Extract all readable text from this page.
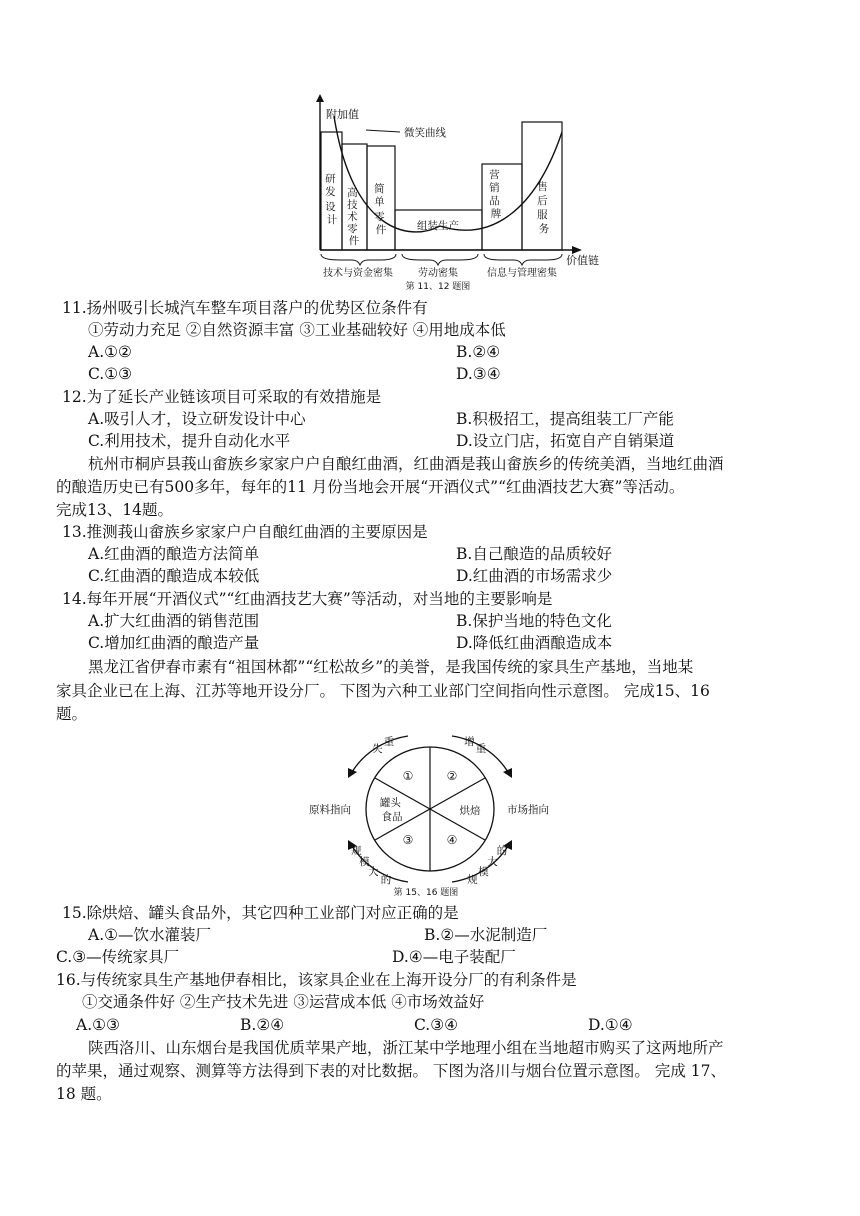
附加值
价值链
微笑曲线
研 发 设 计
高 技 术 零 件
简 单 零 件	组装生产
营 销 品 牌
售 后 服 务
技术与资金密集	劳动密集	信息与管理密集
第 11、12 题图
11.扬州吸引长城汽车整车项目落户的优势区位条件有
①劳动力充足 ②自然资源丰富 ③工业基础较好 ④用地成本低
A.①②	B.②④
C.①③	D.③④
12.为了延长产业链该项目可采取的有效措施是
A.吸引人才，设立研发设计中心	B.积极招工，提高组装工厂产能
C.利用技术，提升自动化水平	D.设立门店，拓宽自产自销渠道
杭州市桐庐县莪山畲族乡家家户户自酿红曲酒，红曲酒是莪山畲族乡的传统美酒，当地红曲酒
的酿造历史已有500多年，每年的11 月份当地会开展“开酒仪式”“红曲酒技艺大赛”等活动。
完成13、14题。
13.推测莪山畲族乡家家户户自酿红曲酒的主要原因是
A.红曲酒的酿造方法简单	B.自己酿造的品质较好
C.红曲酒的酿造成本较低	D.红曲酒的市场需求少
14.每年开展“开酒仪式”“红曲酒技艺大赛”等活动，对当地的主要影响是
A.扩大红曲酒的销售范围	B.保护当地的特色文化
C.增加红曲酒的酿造产量	D.降低红曲酒酿造成本
黑龙江省伊春市素有“祖国林都”“红松故乡”的美誉，是我国传统的家具生产基地，当地某
家具企业已在上海、江苏等地开设分厂。 下图为六种工业部门空间指向性示意图。 完成15、16
题。
①	②
③	④
罐头 食品	烘焙
原料指向	市场指向
失 重	增 重
规 模 大 的	规 模 大 的
第 15、16 题图
15.除烘焙、罐头食品外，其它四种工业部门对应正确的是
A.①—饮水灌装厂	B.②—水泥制造厂
C.③—传统家具厂	D.④—电子装配厂
16.与传统家具生产基地伊春相比，该家具企业在上海开设分厂的有利条件是
①交通条件好 ②生产技术先进 ③运营成本低 ④市场效益好
A.①③	B.②④	C.③④	D.①④
陕西洛川、山东烟台是我国优质苹果产地，浙江某中学地理小组在当地超市购买了这两地所产
的苹果，通过观察、测算等方法得到下表的对比数据。 下图为洛川与烟台位置示意图。 完成 17、
18 题。
